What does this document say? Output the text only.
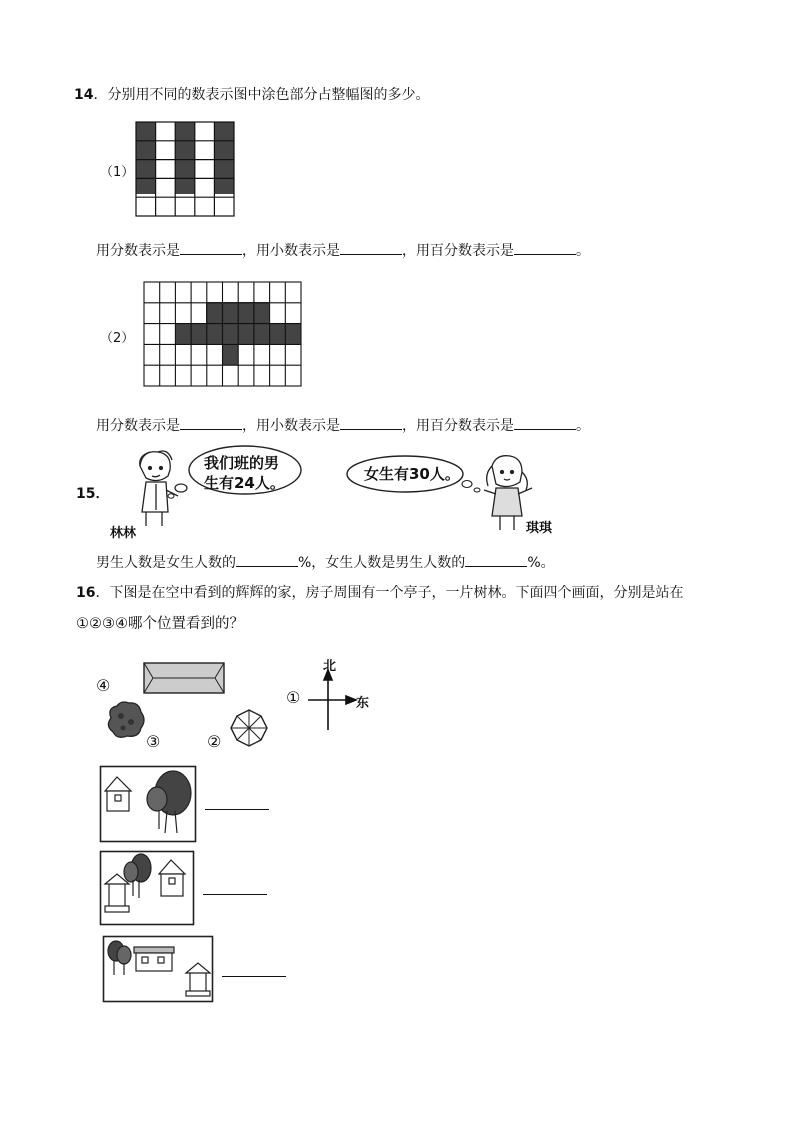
14．分别用不同的数表示图中涂色部分占整幅图的多少。
（1）
用分数表示是	，用小数表示是	，用百分数表示是	。
（2）
用分数表示是	，用小数表示是	，用百分数表示是	。
15．
林林
我们班的男
生有24人。	女生有30人。
琪琪
男生人数是女生人数的	%，女生人数是男生人数的	%。
16．下图是在空中看到的辉辉的家，房子周围有一个亭子，一片树林。下面四个画面，分别是站在
①②③④哪个位置看到的？
④
③	②
①
北
东
